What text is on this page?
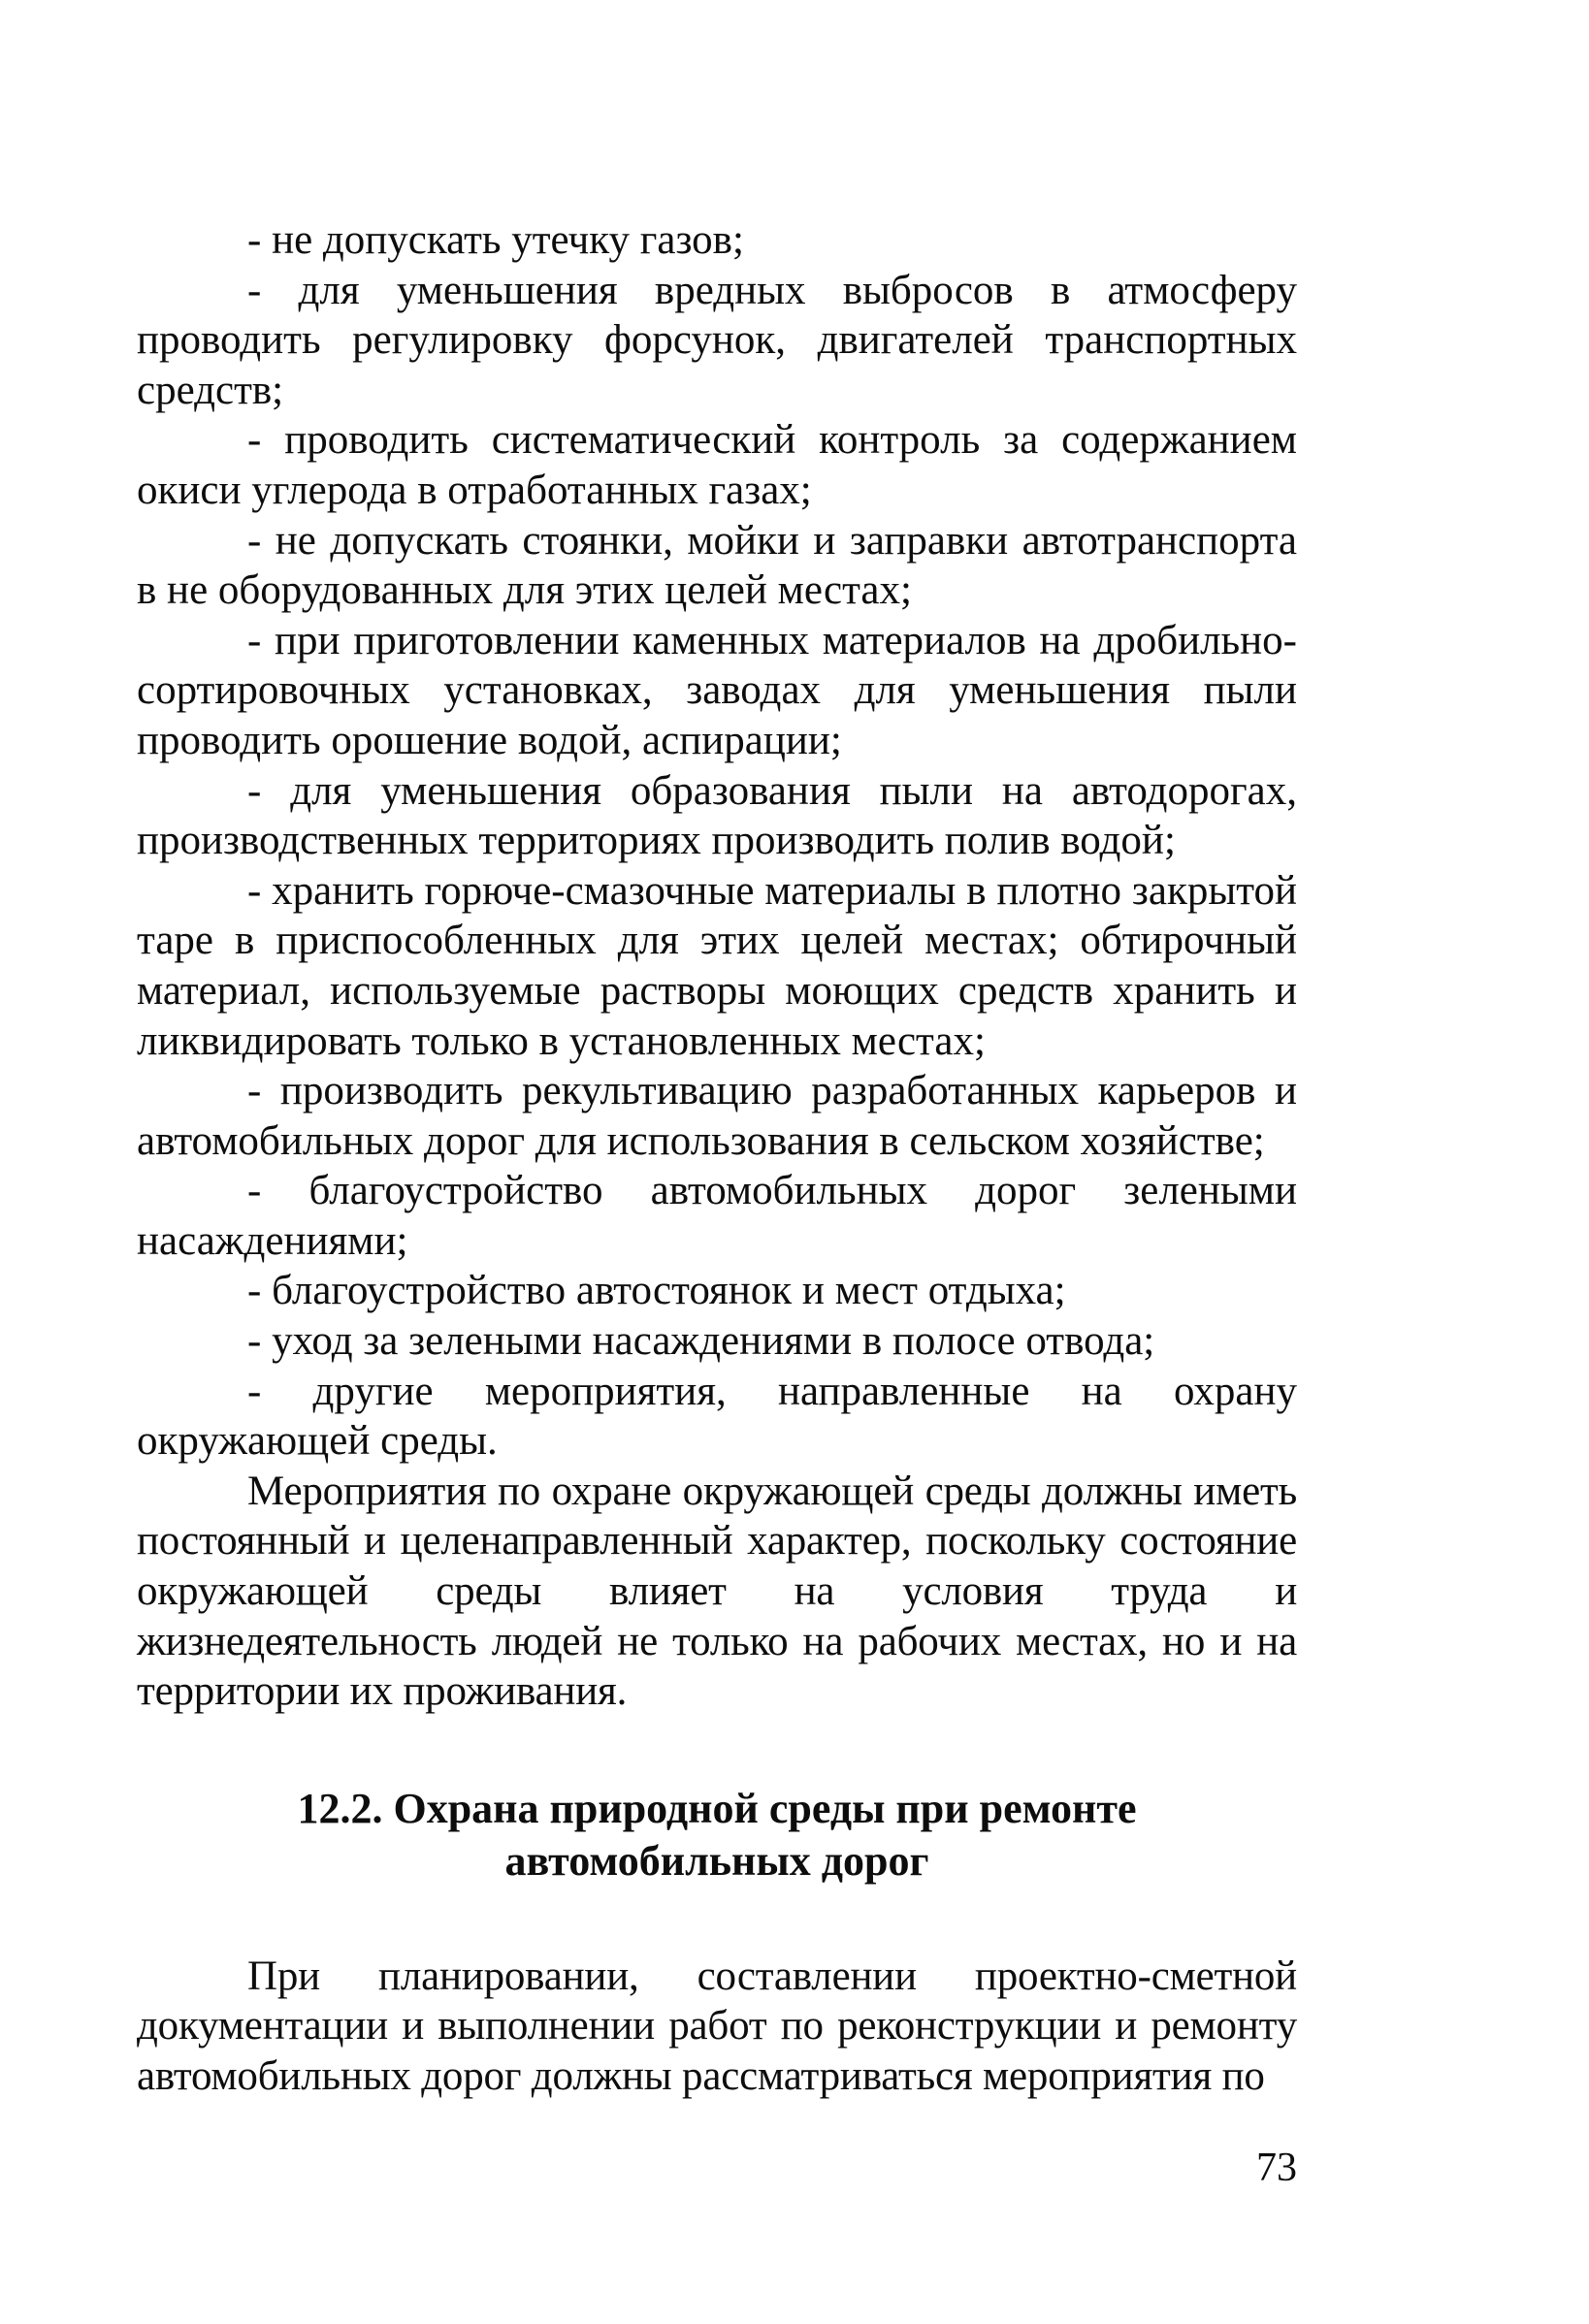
- не допускать утечку газов;

- для уменьшения вредных выбросов в атмосферу проводить регулировку форсунок, двигателей транспортных средств;

- проводить систематический контроль за содержанием окиси углерода в отработанных газах;

- не допускать стоянки, мойки и заправки автотранспорта в не оборудованных для этих целей местах;

- при приготовлении каменных материалов на дробильно-сортировочных установках, заводах для уменьшения пыли проводить орошение водой, аспирации;

- для уменьшения образования пыли на автодорогах, производственных территориях производить полив водой;

- хранить горюче-смазочные материалы в плотно закрытой таре в приспособленных для этих целей местах; обтирочный материал, используемые растворы моющих средств хранить и ликвидировать только в установленных местах;

- производить рекультивацию разработанных карьеров и автомобильных дорог для использования в сельском хозяйстве;

- благоустройство автомобильных дорог зелеными насаждениями;

- благоустройство автостоянок и мест отдыха;

- уход за зелеными насаждениями в полосе отвода;

- другие мероприятия, направленные на охрану окружающей среды.

Мероприятия по охране окружающей среды должны иметь постоянный и целенаправленный характер, поскольку состояние окружающей среды влияет на условия труда и жизнедеятельность людей не только на рабочих местах, но и на территории их проживания.

12.2. Охрана природной среды при ремонте
автомобильных дорог

При планировании, составлении проектно-сметной документации и выполнении работ по реконструкции и ремонту автомобильных дорог должны рассматриваться мероприятия по

73
